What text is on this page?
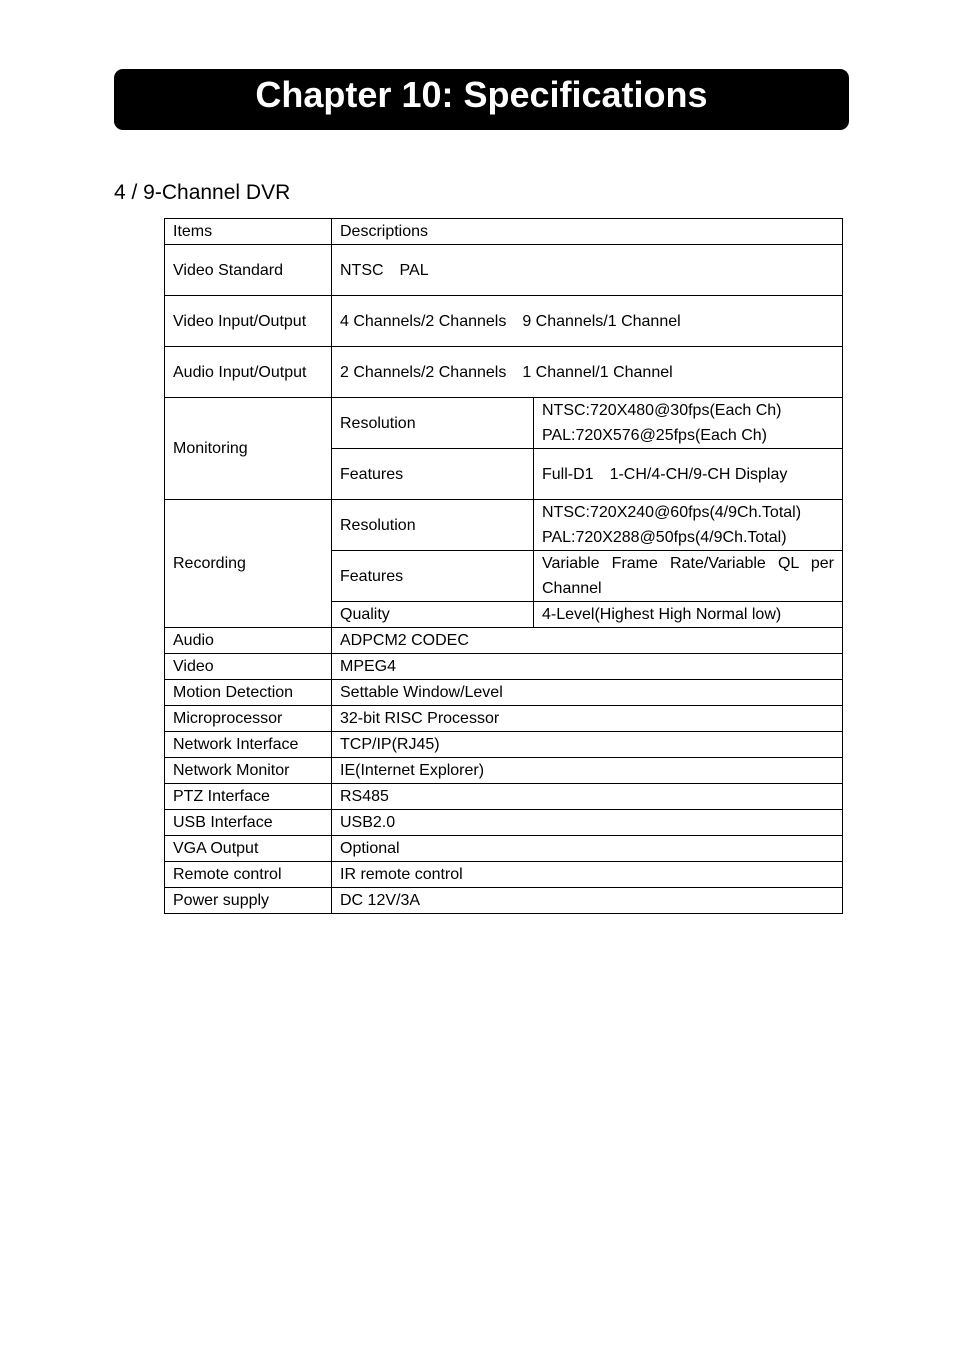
Chapter 10: Specifications
4 / 9-Channel DVR
Items	Descriptions	
Video Standard	NTSC　PAL	
Video Input/Output	4 Channels/2 Channels　9 Channels/1 Channel	
Audio Input/Output	2 Channels/2 Channels　1 Channel/1 Channel	
Monitoring	Resolution	NTSC:720X480@30fps(Each Ch)
PAL:720X576@25fps(Each Ch)

	Features	Full-D1　1-CH/4-CH/9-CH Display
Recording	Resolution	NTSC:720X240@60fps(4/9Ch.Total)
PAL:720X288@50fps(4/9Ch.Total)

	Features	Variable Frame Rate/Variable QL per Channel
	Quality	4-Level(Highest High Normal low)
Audio	ADPCM2 CODEC	
Video	MPEG4	
Motion Detection	Settable Window/Level	
Microprocessor	32-bit RISC Processor	
Network Interface	TCP/IP(RJ45)	
Network Monitor	IE(Internet Explorer)	
PTZ Interface	RS485	
USB Interface	USB2.0	
VGA Output	Optional	
Remote control	IR remote control	
Power supply	DC 12V/3A	
